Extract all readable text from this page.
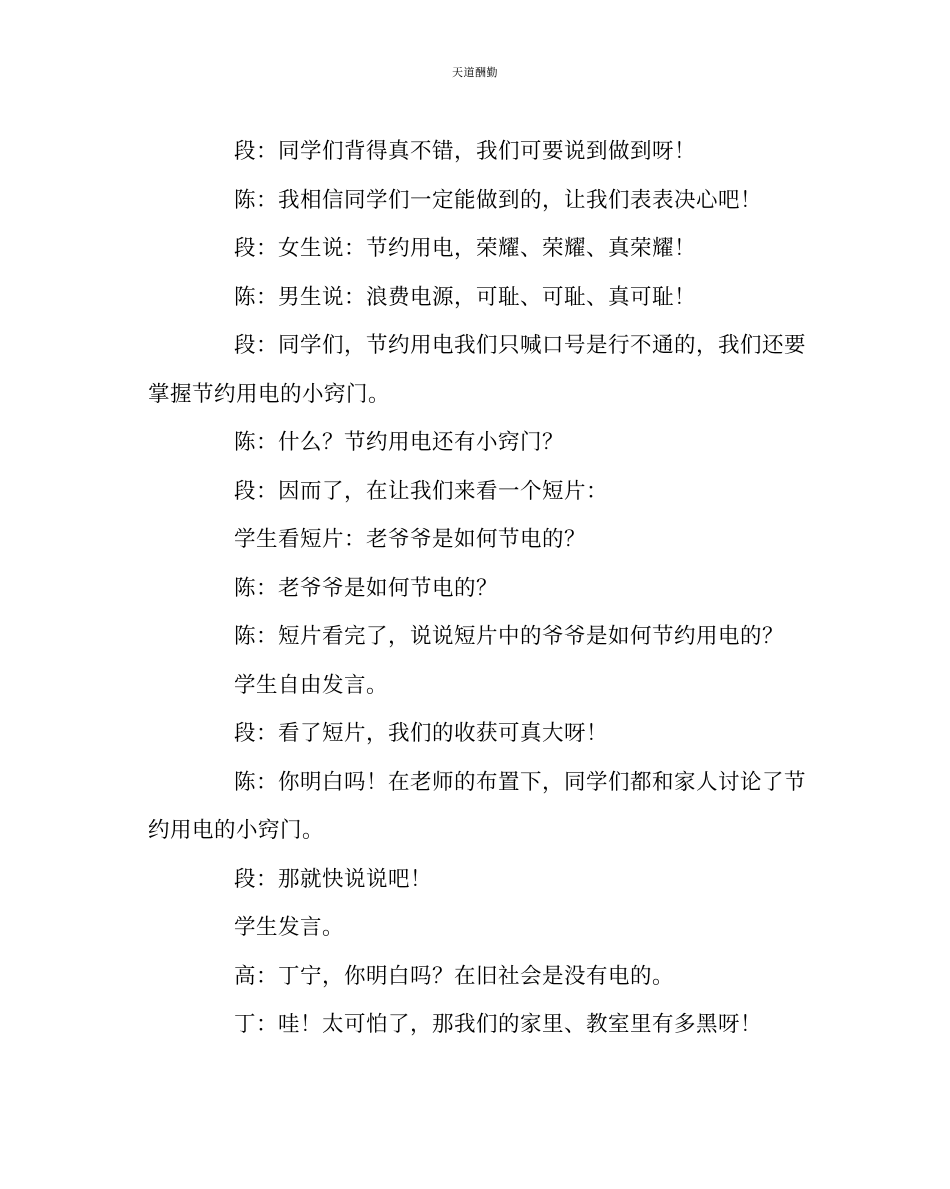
天道酬勤

段：同学们背得真不错，我们可要说到做到呀！

陈：我相信同学们一定能做到的，让我们表表决心吧！

段：女生说：节约用电，荣耀、荣耀、真荣耀！

陈：男生说：浪费电源，可耻、可耻、真可耻！

段：同学们，节约用电我们只喊口号是行不通的，我们还要掌握节约用电的小窍门。

陈：什么？节约用电还有小窍门？

段：因而了，在让我们来看一个短片：

学生看短片：老爷爷是如何节电的？

陈：老爷爷是如何节电的？

陈：短片看完了，说说短片中的爷爷是如何节约用电的？

学生自由发言。

段：看了短片，我们的收获可真大呀！

陈：你明白吗！在老师的布置下，同学们都和家人讨论了节约用电的小窍门。

段：那就快说说吧！

学生发言。

高：丁宁，你明白吗？在旧社会是没有电的。

丁：哇！太可怕了，那我们的家里、教室里有多黑呀！
